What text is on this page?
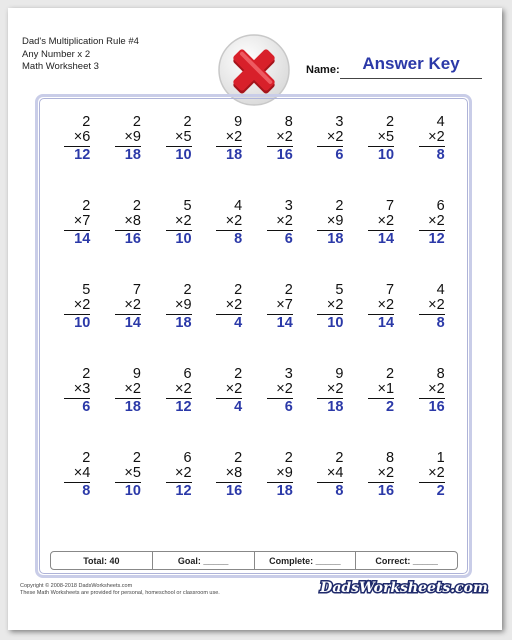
Dad's Multiplication Rule #4
Any Number x 2
Math Worksheet 3	Name:	Answer Key
2
×6
12
2
×9
18
2
×5
10
9
×2
18
8
×2
16
3
×2
6
2
×5
10
4
×2
8
2
×7
14
2
×8
16
5
×2
10
4
×2
8
3
×2
6
2
×9
18
7
×2
14
6
×2
12
5
×2
10
7
×2
14
2
×9
18
2
×2
4
2
×7
14
5
×2
10
7
×2
14
4
×2
8
2
×3
6
9
×2
18
6
×2
12
2
×2
4
3
×2
6
9
×2
18
2
×1
2
8
×2
16
2
×4
8
2
×5
10
6
×2
12
2
×8
16
2
×9
18
2
×4
8
8
×2
16
1
×2
2
Total: 40	Goal: _____	Complete: _____	Correct: _____
Copyright © 2008-2018 DadsWorksheets.com
These Math Worksheets are provided for personal, homeschool or classroom use.	DadsWorksheets.com
